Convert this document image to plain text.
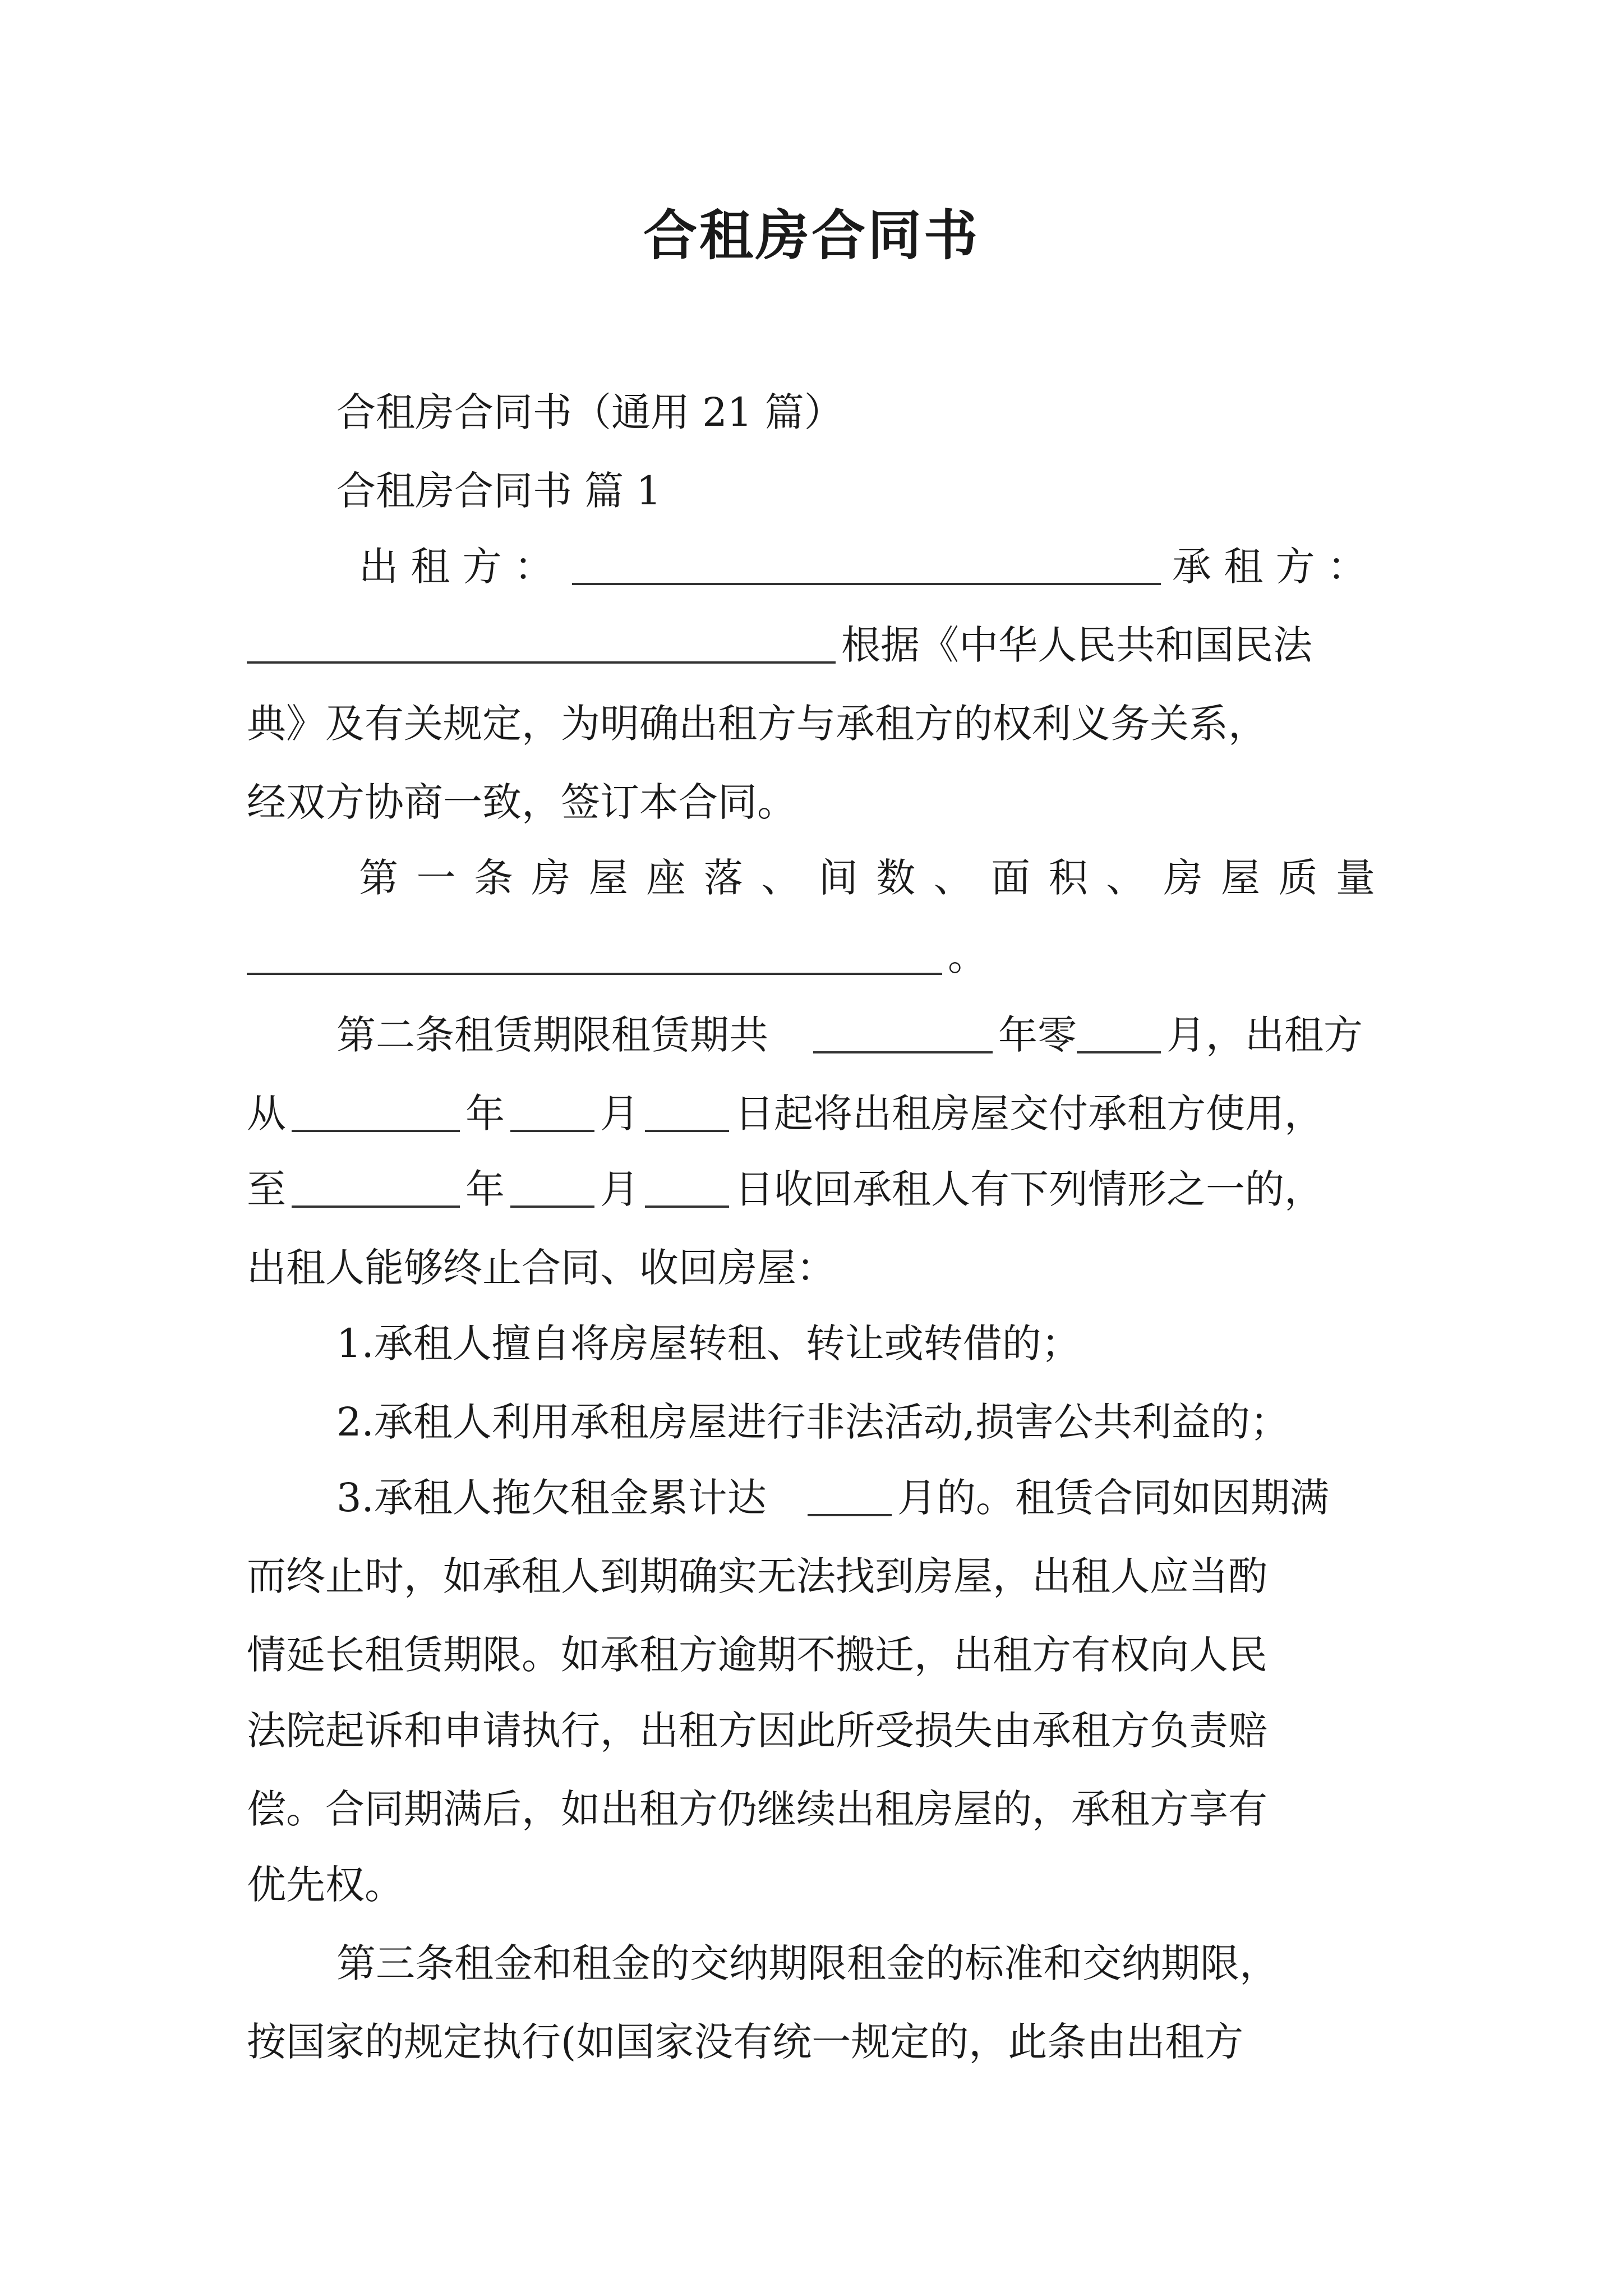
合租房合同书
合租房合同书（通用 21 篇）
合租房合同书 篇 1
出 租 方 ：	承 租 方 ：
根据《中华人民共和国民法
典》及有关规定，为明确出租方与承租方的权利义务关系，
经双方协商一致，签订本合同。
第 一 条 房 屋 座 落 、 间 数 、 面 积 、 房 屋 质 量
。
第二条租赁期限租赁期共	年零 月，出租方
从	年 月 日起将出租房屋交付承租方使用，
至	年 月 日收回承租人有下列情形之一的，
出租人能够终止合同、收回房屋：
1.承租人擅自将房屋转租、转让或转借的；
2.承租人利用承租房屋进行非法活动,损害公共利益的；
3.承租人拖欠租金累计达	月的。租赁合同如因期满
而终止时，如承租人到期确实无法找到房屋，出租人应当酌
情延长租赁期限。如承租方逾期不搬迁，出租方有权向人民
法院起诉和申请执行，出租方因此所受损失由承租方负责赔
偿。合同期满后，如出租方仍继续出租房屋的，承租方享有
优先权。
第三条租金和租金的交纳期限租金的标准和交纳期限，
按国家的规定执行(如国家没有统一规定的，此条由出租方
